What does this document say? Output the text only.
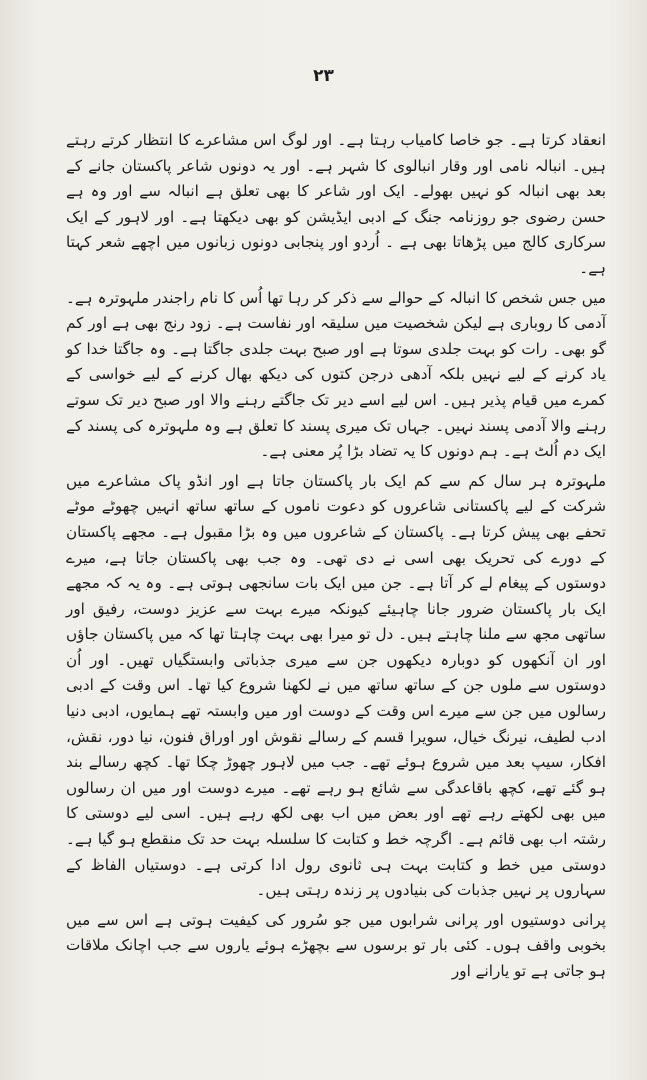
٢٣

انعقاد کرتا ہے۔ جو خاصا کامیاب رہتا ہے۔ اور لوگ اس مشاعرے کا انتظار کرتے رہتے ہیں۔ انبالہ نامی اور وقار انبالوی کا شہر ہے۔ اور یہ دونوں شاعر پاکستان جانے کے بعد بھی انبالہ کو نہیں بھولے۔ ایک اور شاعر کا بھی تعلق ہے انبالہ سے اور وہ ہے حسن رضوی جو روزنامہ جنگ کے ادبی ایڈیشن کو بھی دیکھتا ہے۔ اور لاہور کے ایک سرکاری کالج میں پڑھاتا بھی ہے ۔ اُردو اور پنجابی دونوں زبانوں میں اچھے شعر کہتا ہے۔

میں جس شخص کا انبالہ کے حوالے سے ذکر کر رہا تھا اُس کا نام راجندر ملہوترہ ہے۔ آدمی کا روباری ہے لیکن شخصیت میں سلیقہ اور نفاست ہے۔ زود رنج بھی ہے اور کم گو بھی۔ رات کو بہت جلدی سوتا ہے اور صبح بہت جلدی جاگتا ہے۔ وہ جاگتا خدا کو یاد کرنے کے لیے نہیں بلکہ آدھی درجن کتوں کی دیکھ بھال کرنے کے لیے خواسی کے کمرے میں قیام پذیر ہیں۔ اس لیے اسے دیر تک جاگتے رہنے والا اور صبح دیر تک سوتے رہنے والا آدمی پسند نہیں۔ جہاں تک میری پسند کا تعلق ہے وہ ملہوترہ کی پسند کے ایک دم اُلٹ ہے۔ ہم دونوں کا یہ تضاد بڑا پُر معنی ہے۔

ملہوترہ ہر سال کم سے کم ایک بار پاکستان جاتا ہے اور انڈو پاک مشاعرے میں شرکت کے لیے پاکستانی شاعروں کو دعوت ناموں کے ساتھ ساتھ انہیں چھوٹے موٹے تحفے بھی پیش کرتا ہے۔ پاکستان کے شاعروں میں وہ بڑا مقبول ہے۔ مجھے پاکستان کے دورے کی تحریک بھی اسی نے دی تھی۔ وہ جب بھی پاکستان جاتا ہے، میرے دوستوں کے پیغام لے کر آتا ہے۔ جن میں ایک بات سانجھی ہوتی ہے۔ وہ یہ کہ مجھے ایک بار پاکستان ضرور جانا چاہیئے کیونکہ میرے بہت سے عزیز دوست، رفیق اور ساتھی مجھ سے ملنا چاہتے ہیں۔ دل تو میرا بھی بہت چاہتا تھا کہ میں پاکستان جاؤں اور ان آنکھوں کو دوبارہ دیکھوں جن سے میری جذباتی وابستگیاں تھیں۔ اور اُن دوستوں سے ملوں جن کے ساتھ ساتھ میں نے لکھنا شروع کیا تھا۔ اس وقت کے ادبی رسالوں میں جن سے میرے اس وقت کے دوست اور میں وابستہ تھے ہمایوں، ادبی دنیا ادب لطیف، نیرنگ خیال، سویرا قسم کے رسالے نقوش اور اوراق فنون، نیا دور، نقش، افکار، سیپ بعد میں شروع ہوئے تھے۔ جب میں لاہور چھوڑ چکا تھا۔ کچھ رسالے بند ہو گئے تھے، کچھ باقاعدگی سے شائع ہو رہے تھے۔ میرے دوست اور میں ان رسالوں میں بھی لکھتے رہے تھے اور بعض میں اب بھی لکھ رہے ہیں۔ اسی لیے دوستی کا رشتہ اب بھی قائم ہے۔ اگرچہ خط و کتابت کا سلسلہ بہت حد تک منقطع ہو گیا ہے۔ دوستی میں خط و کتابت بہت ہی ثانوی رول ادا کرتی ہے۔ دوستیاں الفاظ کے سہاروں پر نہیں جذبات کی بنیادوں پر زندہ رہتی ہیں۔

پرانی دوستیوں اور پرانی شرابوں میں جو سُرور کی کیفیت ہوتی ہے اس سے میں بخوبی واقف ہوں۔ کئی بار تو برسوں سے بچھڑے ہوئے یاروں سے جب اچانک ملاقات ہو جاتی ہے تو یارانے اور
